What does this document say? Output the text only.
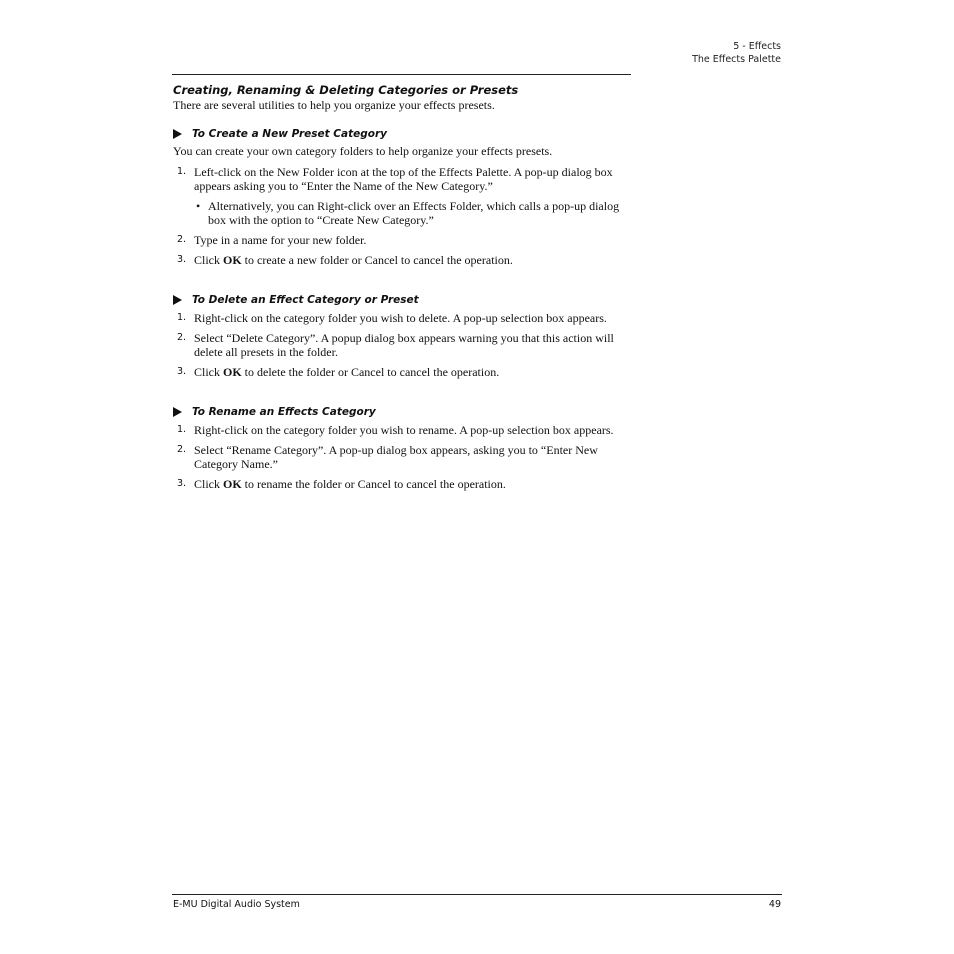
5 - Effects
The Effects Palette
Creating, Renaming & Deleting Categories or Presets

There are several utilities to help you organize your effects presets.

To Create a New Preset Category

You can create your own category folders to help organize your effects presets.

1. Left-click on the New Folder icon at the top of the Effects Palette. A pop-up dialog box appears asking you to “Enter the Name of the New Category.”
• Alternatively, you can Right-click over an Effects Folder, which calls a pop-up dialog box with the option to “Create New Category.”
2. Type in a name for your new folder.
3. Click OK to create a new folder or Cancel to cancel the operation.
To Delete an Effect Category or Preset
1. Right-click on the category folder you wish to delete. A pop-up selection box appears.
2. Select “Delete Category”. A popup dialog box appears warning you that this action will delete all presets in the folder.
3. Click OK to delete the folder or Cancel to cancel the operation.
To Rename an Effects Category
1. Right-click on the category folder you wish to rename. A pop-up selection box appears.
2. Select “Rename Category”. A pop-up dialog box appears, asking you to “Enter New Category Name.”
3. Click OK to rename the folder or Cancel to cancel the operation.
E-MU Digital Audio System	49
